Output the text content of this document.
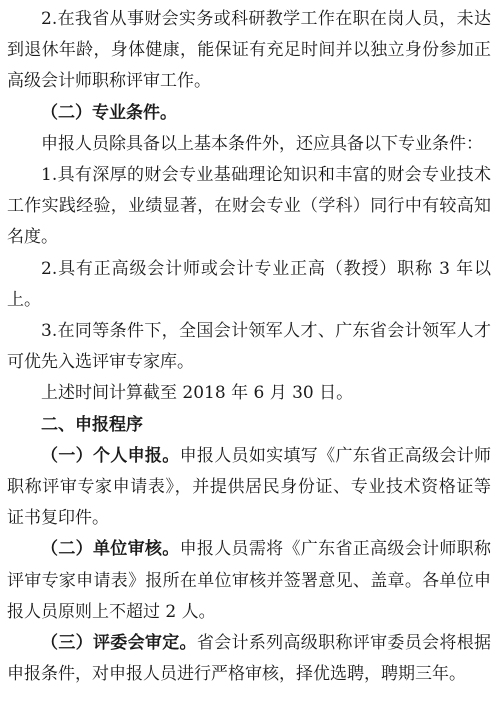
2.在我省从事财会实务或科研教学工作在职在岗人员，未达到退休年龄，身体健康，能保证有充足时间并以独立身份参加正高级会计师职称评审工作。

（二）专业条件。

申报人员除具备以上基本条件外，还应具备以下专业条件：

1.具有深厚的财会专业基础理论知识和丰富的财会专业技术工作实践经验，业绩显著，在财会专业（学科）同行中有较高知名度。

2.具有正高级会计师或会计专业正高（教授）职称 3 年以上。

3.在同等条件下，全国会计领军人才、广东省会计领军人才可优先入选评审专家库。

上述时间计算截至 2018 年 6 月 30 日。

二、申报程序

（一）个人申报。申报人员如实填写《广东省正高级会计师职称评审专家申请表》，并提供居民身份证、专业技术资格证等证书复印件。

（二）单位审核。申报人员需将《广东省正高级会计师职称评审专家申请表》报所在单位审核并签署意见、盖章。各单位申报人员原则上不超过 2 人。

（三）评委会审定。省会计系列高级职称评审委员会将根据申报条件，对申报人员进行严格审核，择优选聘，聘期三年。
